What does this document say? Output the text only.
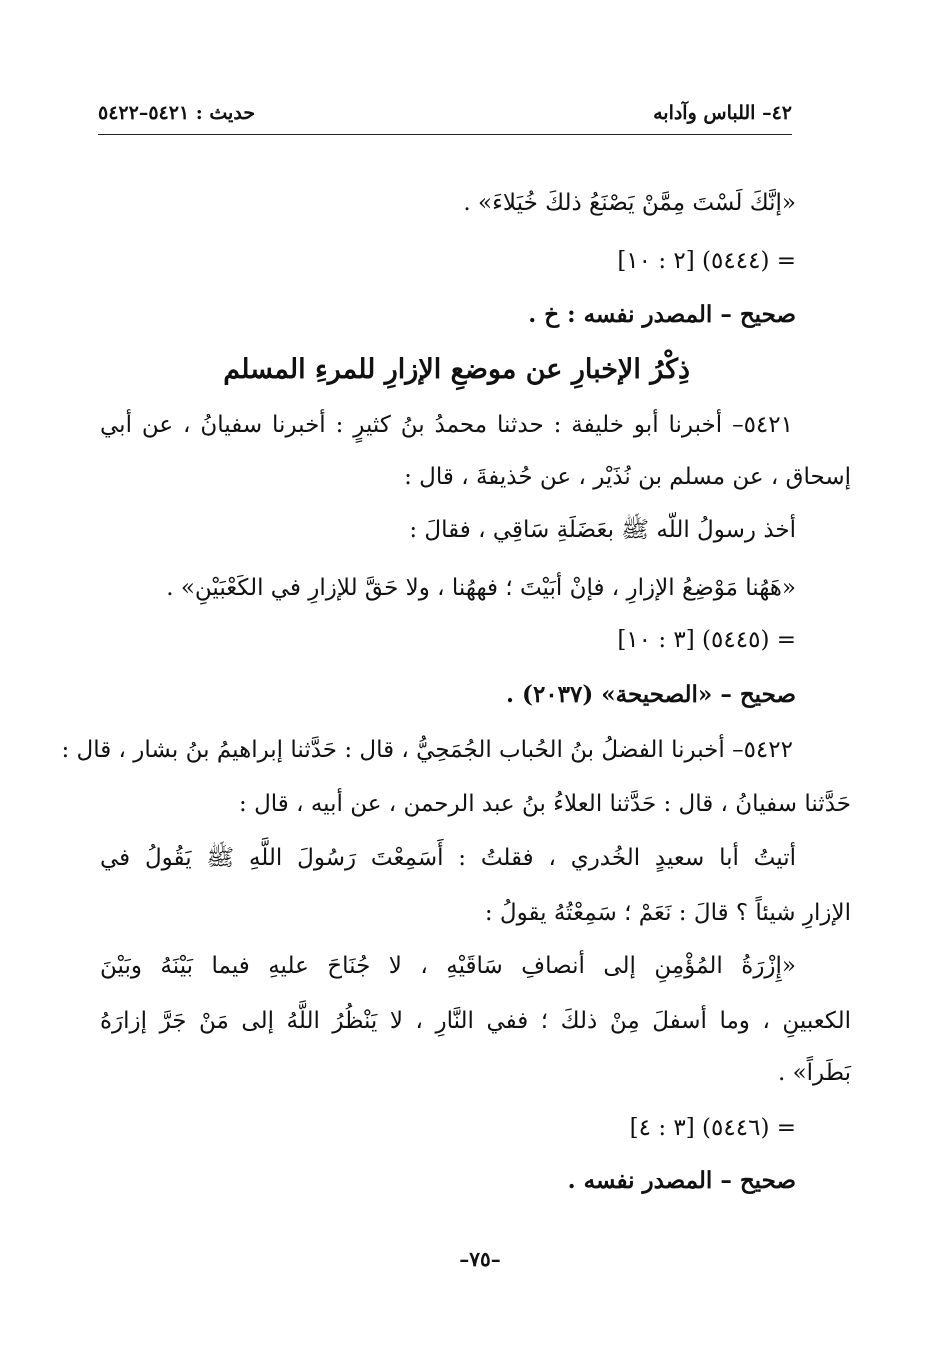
٤٢– اللباس وآدابه
حديث : ٥٤٢١–٥٤٢٢
«إنَّكَ لَسْتَ مِمَّنْ يَصْنَعُ ذلكَ خُيَلاءَ» .
= (٥٤٤٤) [٢ : ١٠]
صحيح – المصدر نفسه : خ .
ذِكْرُ الإخبارِ عن موضعِ الإزارِ للمرءِ المسلم
٥٤٢١– أخبرنا أبو خليفة : حدثنا محمدُ بنُ كثيرٍ : أخبرنا سفيانُ ، عن أبي
إسحاق ، عن مسلم بن نُذَيْر ، عن حُذيفةَ ، قال :
أخذ رسولُ اللّه ﷺ بعَضَلَةِ سَاقِي ، فقالَ :
«هَهُنا مَوْضِعُ الإزارِ ، فإنْ أبَيْتَ ؛ فههُنا ، ولا حَقَّ للإزارِ في الكَعْبَيْنِ» .
= (٥٤٤٥) [٣ : ١٠]
صحيح – «الصحيحة» (٢٠٣٧) .
٥٤٢٢– أخبرنا الفضلُ بنُ الحُباب الجُمَحِيُّ ، قال : حَدَّثنا إبراهيمُ بنُ بشار ، قال :
حَدَّثنا سفيانُ ، قال : حَدَّثنا العلاءُ بنُ عبد الرحمن ، عن أبيه ، قال :
أتيتُ أبا سعيدٍ الخُدري ، فقلتُ : أَسَمِعْتَ رَسُولَ اللَّهِ ﷺ يَقُولُ في
الإزارِ شيئاً ؟ قالَ : نَعَمْ ؛ سَمِعْتُهُ يقولُ :
«إِزْرَةُ المُؤْمِنِ إلى أنصافِ سَاقَيْهِ ، لا جُنَاحَ عليهِ فيما بَيْنَهُ وبَيْنَ
الكعبينِ ، وما أسفلَ مِنْ ذلكَ ؛ ففي النَّارِ ، لا يَنْظُرُ اللَّهُ إلى مَنْ جَرَّ إزارَهُ
بَطَراً» .
= (٥٤٤٦) [٣ : ٤]
صحيح – المصدر نفسه .
–٧٥–
